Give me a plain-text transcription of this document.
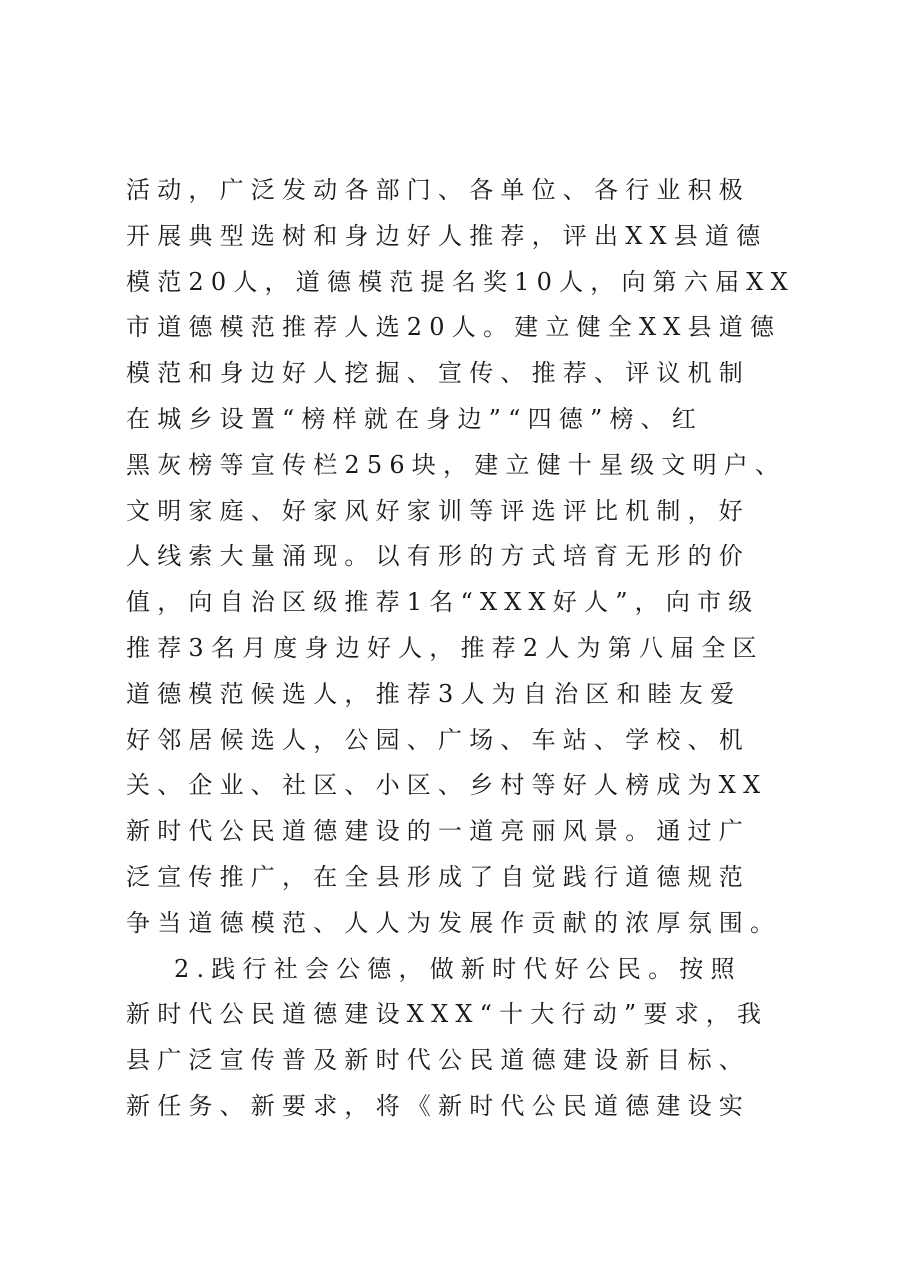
活动，广泛发动各部门、各单位、各行业积极
开展典型选树和身边好人推荐，评出XX县道德
模范20人，道德模范提名奖10人，向第六届XX
市道德模范推荐人选20人。建立健全XX县道德
模范和身边好人挖掘、宣传、推荐、评议机制
在城乡设置“榜样就在身边”“四德”榜、红
黑灰榜等宣传栏256块，建立健十星级文明户、
文明家庭、好家风好家训等评选评比机制，好
人线索大量涌现。以有形的方式培育无形的价
值，向自治区级推荐1名“XXX好人”，向市级
推荐3名月度身边好人，推荐2人为第八届全区
道德模范候选人，推荐3人为自治区和睦友爱
好邻居候选人，公园、广场、车站、学校、机
关、企业、社区、小区、乡村等好人榜成为XX
新时代公民道德建设的一道亮丽风景。通过广
泛宣传推广，在全县形成了自觉践行道德规范
争当道德模范、人人为发展作贡献的浓厚氛围。
2.践行社会公德，做新时代好公民。按照
新时代公民道德建设XXX“十大行动”要求，我
县广泛宣传普及新时代公民道德建设新目标、
新任务、新要求，将《新时代公民道德建设实
